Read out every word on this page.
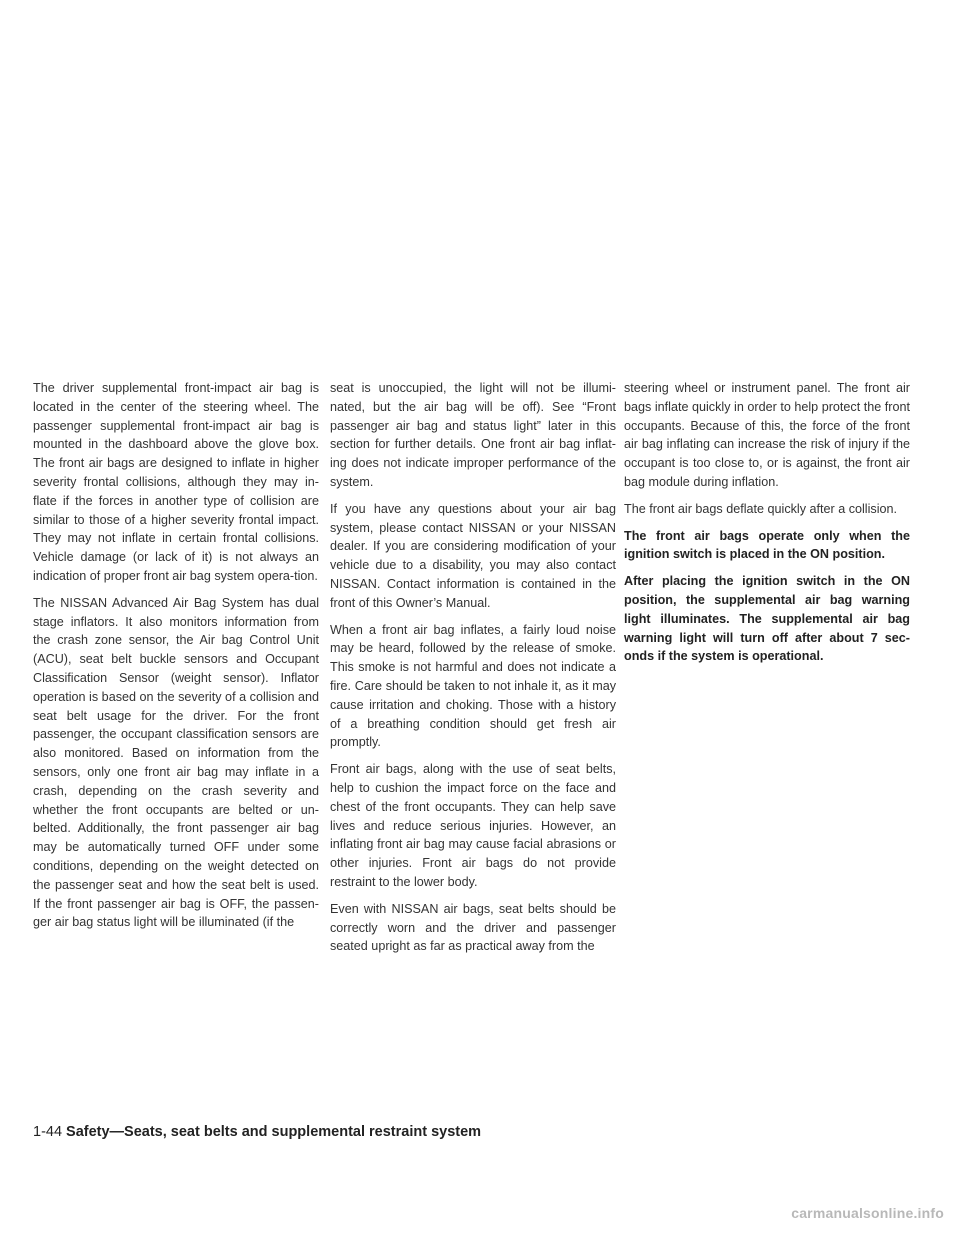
The driver supplemental front-impact air bag is located in the center of the steering wheel. The passenger supplemental front-impact air bag is mounted in the dashboard above the glove box. The front air bags are designed to inflate in higher severity frontal collisions, although they may in-flate if the forces in another type of collision are similar to those of a higher severity frontal impact. They may not inflate in certain frontal collisions. Vehicle damage (or lack of it) is not always an indication of proper front air bag system opera-tion.

The NISSAN Advanced Air Bag System has dual stage inflators. It also monitors information from the crash zone sensor, the Air bag Control Unit (ACU), seat belt buckle sensors and Occupant Classification Sensor (weight sensor). Inflator operation is based on the severity of a collision and seat belt usage for the driver. For the front passenger, the occupant classification sensors are also monitored. Based on information from the sensors, only one front air bag may inflate in a crash, depending on the crash severity and whether the front occupants are belted or un-belted. Additionally, the front passenger air bag may be automatically turned OFF under some conditions, depending on the weight detected on the passenger seat and how the seat belt is used. If the front passenger air bag is OFF, the passen-ger air bag status light will be illuminated (if the

seat is unoccupied, the light will not be illumi-nated, but the air bag will be off). See “Front passenger air bag and status light” later in this section for further details. One front air bag inflat-ing does not indicate improper performance of the system.

If you have any questions about your air bag system, please contact NISSAN or your NISSAN dealer. If you are considering modification of your vehicle due to a disability, you may also contact NISSAN. Contact information is contained in the front of this Owner’s Manual.

When a front air bag inflates, a fairly loud noise may be heard, followed by the release of smoke. This smoke is not harmful and does not indicate a fire. Care should be taken to not inhale it, as it may cause irritation and choking. Those with a history of a breathing condition should get fresh air promptly.

Front air bags, along with the use of seat belts, help to cushion the impact force on the face and chest of the front occupants. They can help save lives and reduce serious injuries. However, an inflating front air bag may cause facial abrasions or other injuries. Front air bags do not provide restraint to the lower body.

Even with NISSAN air bags, seat belts should be correctly worn and the driver and passenger seated upright as far as practical away from the

steering wheel or instrument panel. The front air bags inflate quickly in order to help protect the front occupants. Because of this, the force of the front air bag inflating can increase the risk of injury if the occupant is too close to, or is against, the front air bag module during inflation.

The front air bags deflate quickly after a collision.

The front air bags operate only when the ignition switch is placed in the ON position.

After placing the ignition switch in the ON position, the supplemental air bag warning light illuminates. The supplemental air bag warning light will turn off after about 7 sec-onds if the system is operational.

1-44 Safety—Seats, seat belts and supplemental restraint system
carmanualsonline.info
